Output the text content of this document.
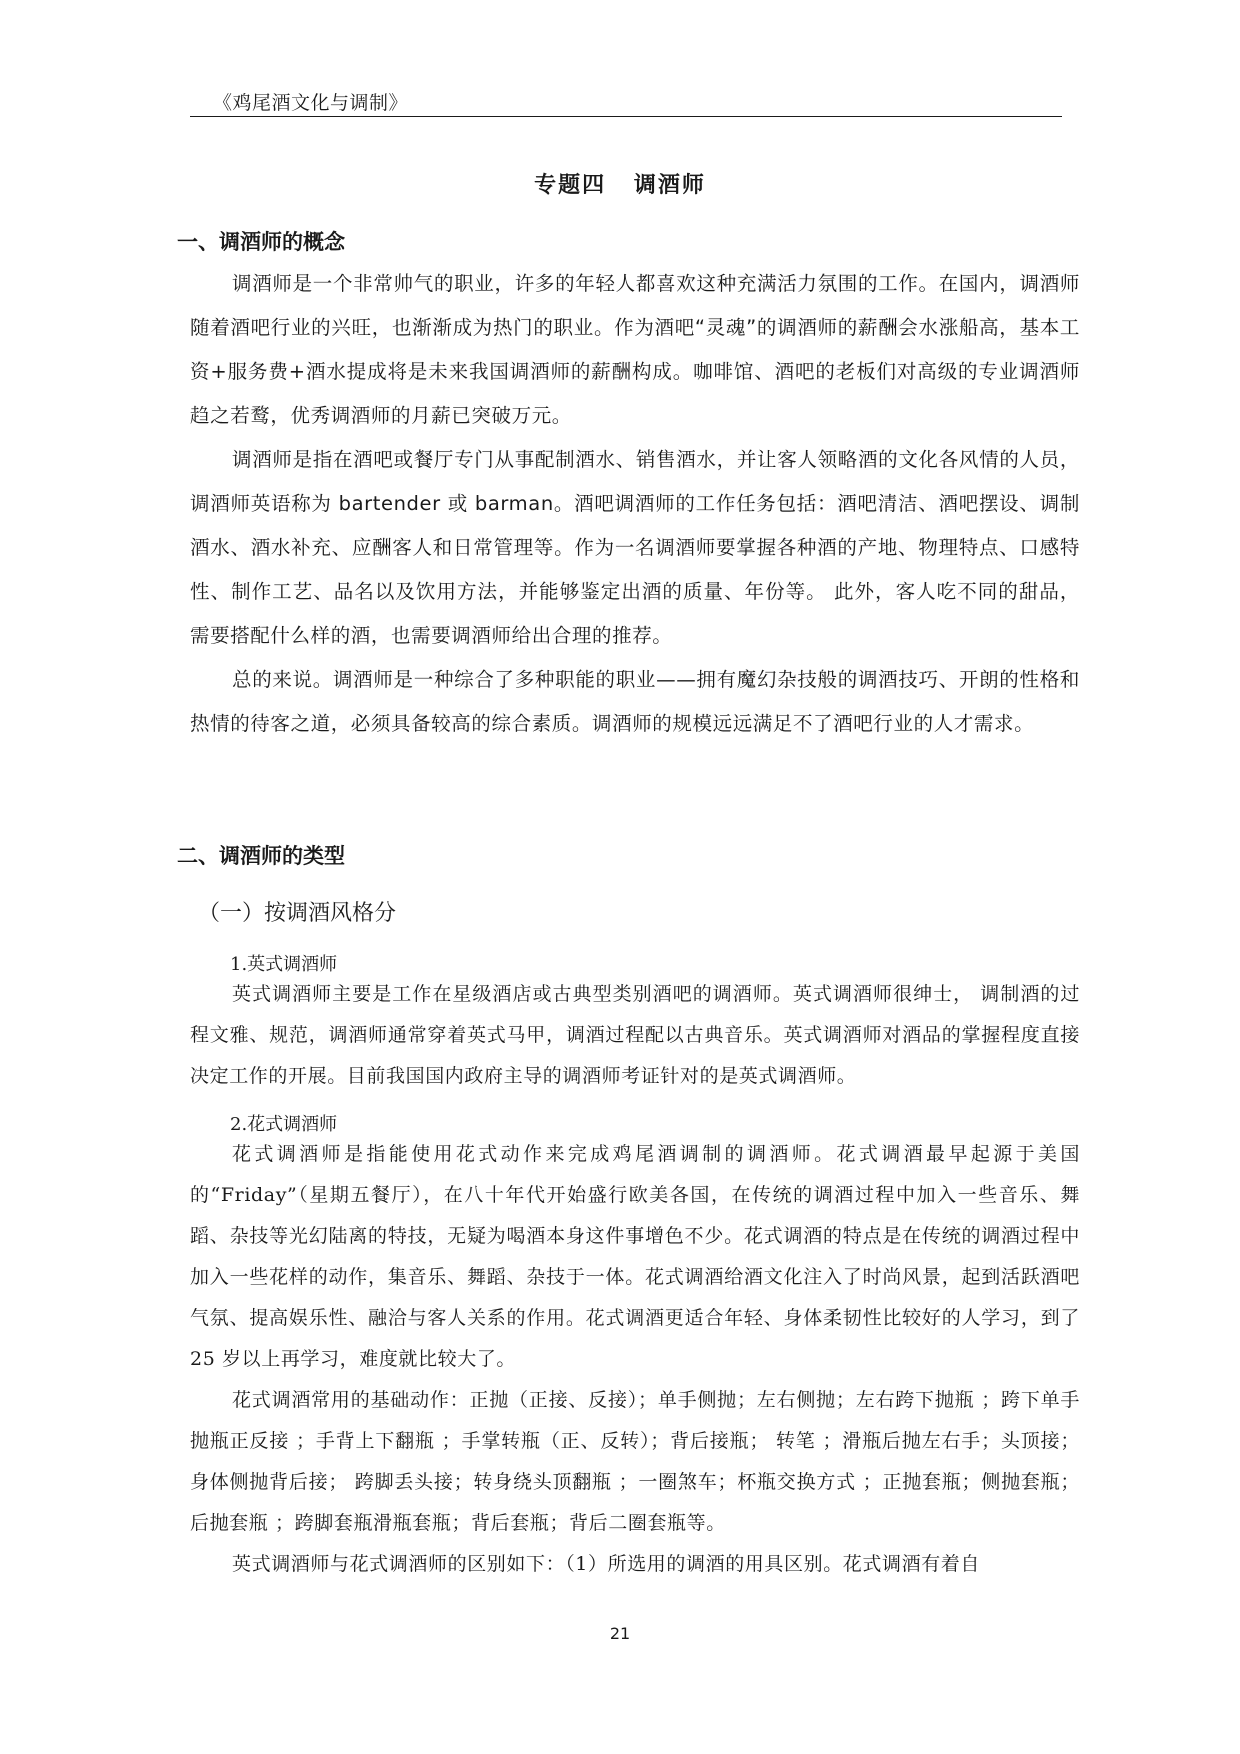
《鸡尾酒文化与调制》
专题四 调酒师
一、调酒师的概念

调酒师是一个非常帅气的职业，许多的年轻人都喜欢这种充满活力氛围的工作。在国内，调酒师随着酒吧行业的兴旺，也渐渐成为热门的职业。作为酒吧“灵魂”的调酒师的薪酬会水涨船高，基本工资+服务费+酒水提成将是未来我国调酒师的薪酬构成。咖啡馆、酒吧的老板们对高级的专业调酒师趋之若鹜，优秀调酒师的月薪已突破万元。

调酒师是指在酒吧或餐厅专门从事配制酒水、销售酒水，并让客人领略酒的文化各风情的人员，调酒师英语称为 bartender 或 barman。酒吧调酒师的工作任务包括：酒吧清洁、酒吧摆设、调制酒水、酒水补充、应酬客人和日常管理等。作为一名调酒师要掌握各种酒的产地、物理特点、口感特性、制作工艺、品名以及饮用方法，并能够鉴定出酒的质量、年份等。 此外，客人吃不同的甜品，需要搭配什么样的酒，也需要调酒师给出合理的推荐。

总的来说。调酒师是一种综合了多种职能的职业——拥有魔幻杂技般的调酒技巧、开朗的性格和热情的待客之道，必须具备较高的综合素质。调酒师的规模远远满足不了酒吧行业的人才需求。

二、调酒师的类型
（一）按调酒风格分
1.英式调酒师

英式调酒师主要是工作在星级酒店或古典型类别酒吧的调酒师。英式调酒师很绅士， 调制酒的过程文雅、规范，调酒师通常穿着英式马甲，调酒过程配以古典音乐。英式调酒师对酒品的掌握程度直接决定工作的开展。目前我国国内政府主导的调酒师考证针对的是英式调酒师。

2.花式调酒师

花式调酒师是指能使用花式动作来完成鸡尾酒调制的调酒师。花式调酒最早起源于美国的“Friday”（星期五餐厅），在八十年代开始盛行欧美各国，在传统的调酒过程中加入一些音乐、舞蹈、杂技等光幻陆离的特技，无疑为喝酒本身这件事增色不少。花式调酒的特点是在传统的调酒过程中加入一些花样的动作，集音乐、舞蹈、杂技于一体。花式调酒给酒文化注入了时尚风景，起到活跃酒吧气氛、提高娱乐性、融洽与客人关系的作用。花式调酒更适合年轻、身体柔韧性比较好的人学习，到了 25 岁以上再学习，难度就比较大了。

花式调酒常用的基础动作：正抛（正接、反接）；单手侧抛；左右侧抛；左右跨下抛瓶 ；跨下单手抛瓶正反接 ；手背上下翻瓶 ；手掌转瓶（正、反转）；背后接瓶； 转笔 ；滑瓶后抛左右手；头顶接；身体侧抛背后接； 跨脚丢头接；转身绕头顶翻瓶 ；一圈煞车；杯瓶交换方式 ；正抛套瓶；侧抛套瓶；后抛套瓶 ；跨脚套瓶滑瓶套瓶；背后套瓶；背后二圈套瓶等。

英式调酒师与花式调酒师的区别如下：（1）所选用的调酒的用具区别。花式调酒有着自

21
